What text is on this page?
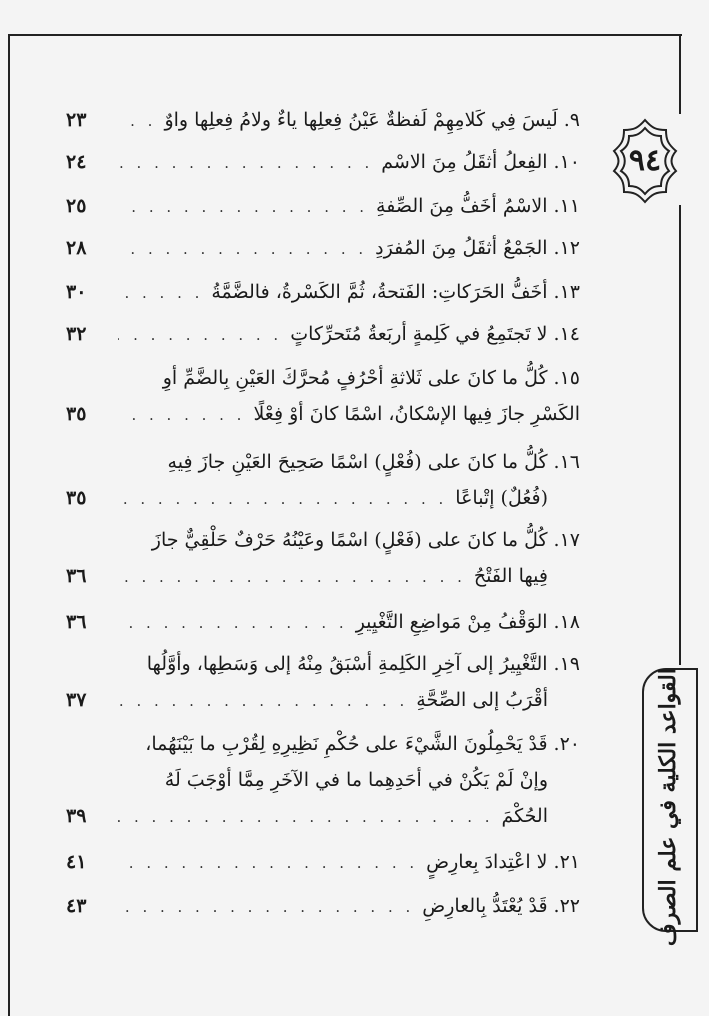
٩٤
القواعد الكلية في علم الصرف
٩.
لَيسَ فِي كَلامِهِمْ لَفظةٌ عَيْنُ فِعلِها ياءٌ ولامُ فِعلِها واوٌ
. . .
٢٣
١٠.
الفِعلُ أثقَلُ مِنَ الاسْم
. . .
٢٤
١١.
الاسْمُ أخَفُّ مِنَ الصِّفةِ
. . .
٢٥
١٢.
الجَمْعُ أثقَلُ مِنَ المُفرَدِ
. . .
٢٨
١٣.
أخَفُّ الحَرَكاتِ: الفَتحةُ، ثُمَّ الكَسْرةُ، فالضَّمَّةُ
. . .
٣٠
١٤.
لا تَجتَمِعُ في كَلِمةٍ أربَعةُ مُتَحرِّكاتٍ
. . .
٣٢
١٥.
كُلُّ ما كانَ على ثَلاثةِ أحْرُفٍ مُحرَّكَ العَيْنِ بِالضَّمِّ أوِ
الكَسْرِ جازَ فِيها الإسْكانُ، اسْمًا كانَ أوْ فِعْلًا
. . .
٣٥
١٦.
كُلُّ ما كانَ على (فُعْلٍ) اسْمًا صَحِيحَ العَيْنِ جازَ فِيهِ
(فُعُلٌ) إتْباعًا
. . .
٣٥
١٧.
كُلُّ ما كانَ على (فَعْلٍ) اسْمًا وعَيْنُهُ حَرْفٌ حَلْقِيٌّ جازَ
فِيها الفَتْحُ
. . .
٣٦
١٨.
الوَقْفُ مِنْ مَواضِعِ التَّغْيِيرِ
. . .
٣٦
١٩.
التَّغْيِيرُ إلى آخِرِ الكَلِمةِ أسْبَقُ مِنْهُ إلى وَسَطِها، وأوَّلُها
أقْرَبُ إلى الصِّحَّةِ
. . .
٣٧
٢٠.
قَدْ يَحْمِلُونَ الشَّيْءَ على حُكْمِ نَظِيرِهِ لِقُرْبِ ما بَيْنَهُما،
وإنْ لَمْ يَكُنْ في أحَدِهِما ما في الآخَرِ مِمَّا أوْجَبَ لَهُ
الحُكْمَ
. . .
٣٩
٢١.
لا اعْتِدادَ بِعارِضٍ
. . .
٤١
٢٢.
قَدْ يُعْتَدُّ بِالعارِضِ
. . .
٤٣
